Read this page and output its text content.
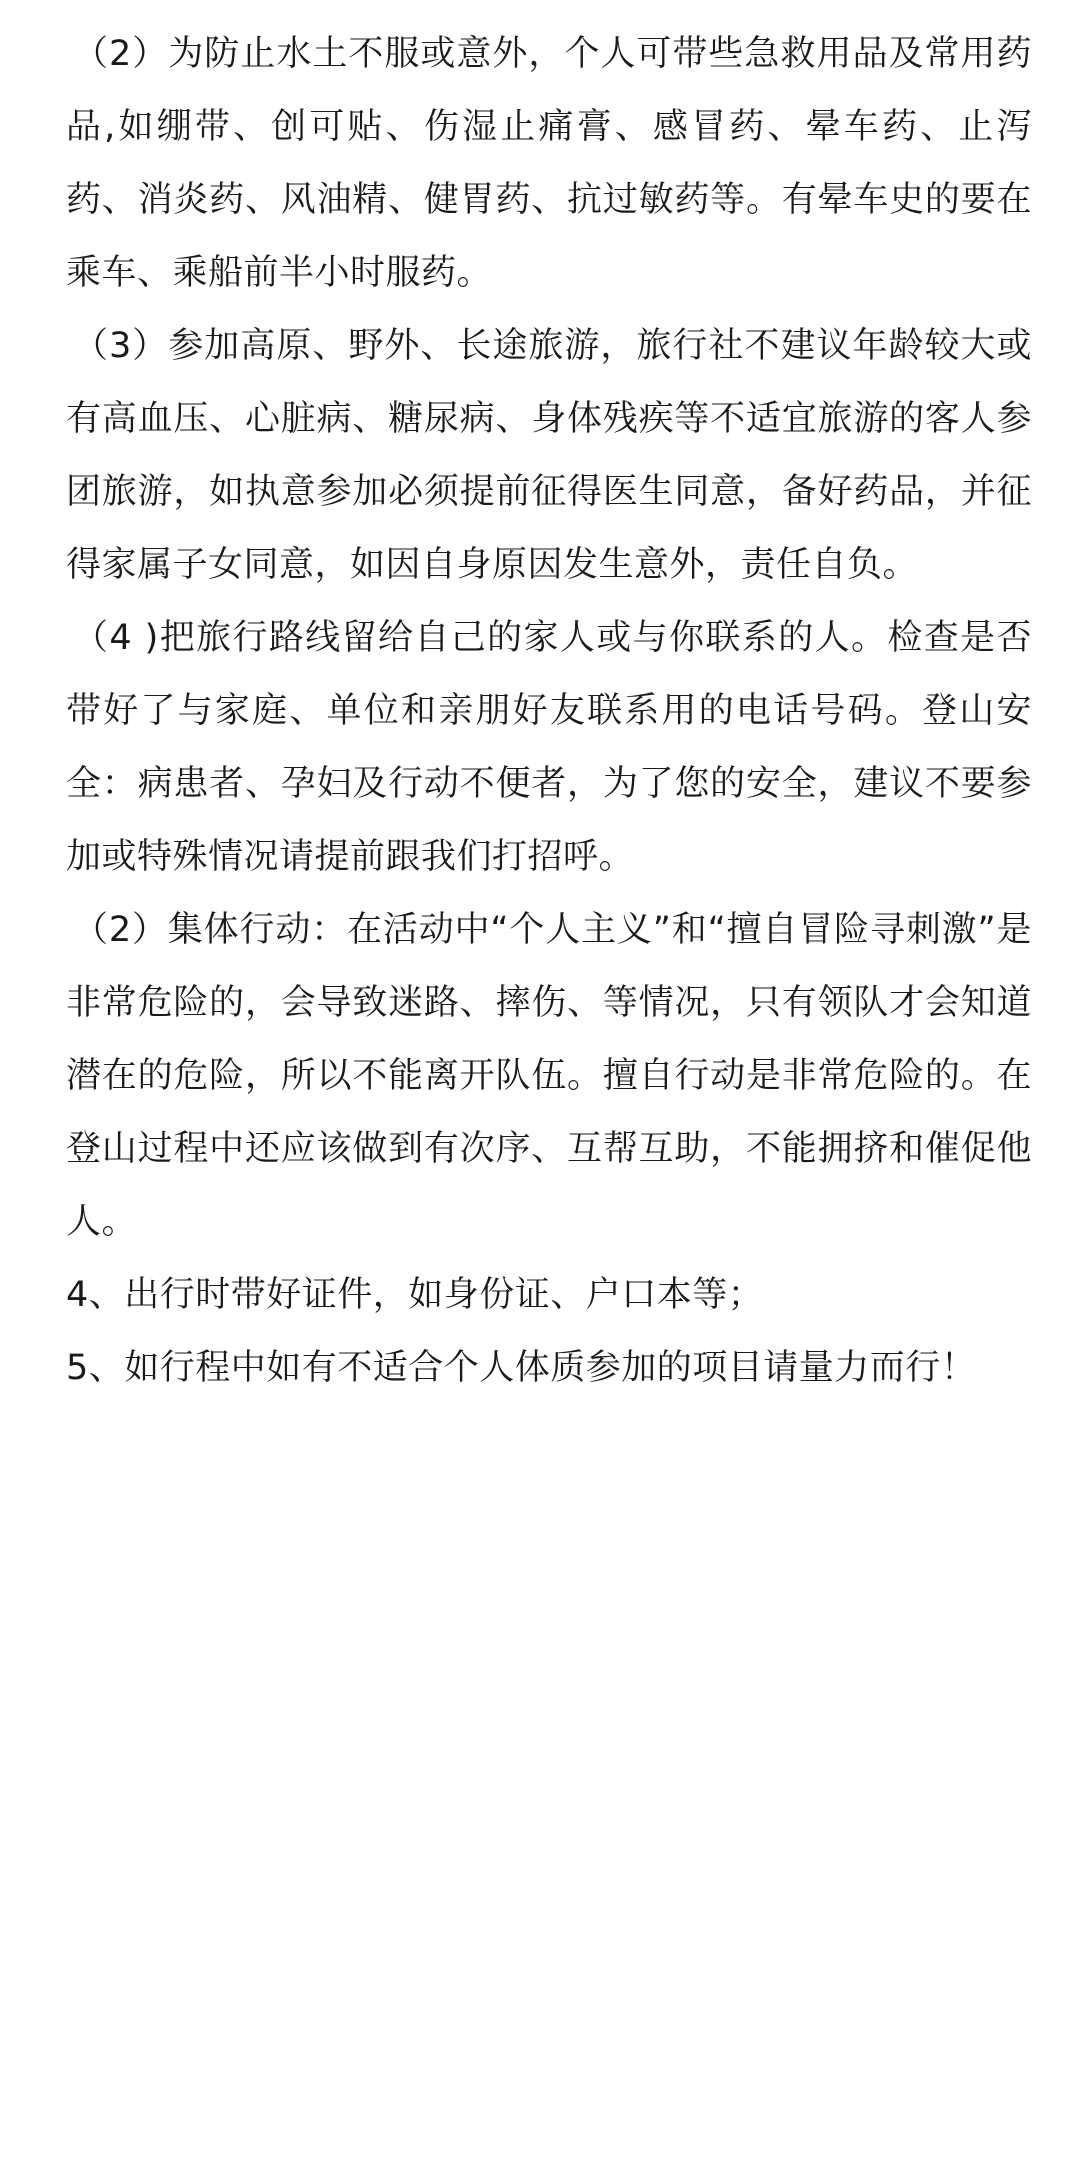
（2）为防止水土不服或意外，个人可带些急救用品及常用药品,如绷带、创可贴、伤湿止痛膏、感冒药、晕车药、止泻药、消炎药、风油精、健胃药、抗过敏药等。有晕车史的要在乘车、乘船前半小时服药。

（3）参加高原、野外、长途旅游，旅行社不建议年龄较大或有高血压、心脏病、糖尿病、身体残疾等不适宜旅游的客人参团旅游，如执意参加必须提前征得医生同意，备好药品，并征得家属子女同意，如因自身原因发生意外，责任自负。

（4 )把旅行路线留给自己的家人或与你联系的人。检查是否带好了与家庭、单位和亲朋好友联系用的电话号码。登山安全：病患者、孕妇及行动不便者，为了您的安全，建议不要参加或特殊情况请提前跟我们打招呼。

（2）集体行动：在活动中“个人主义”和“擅自冒险寻刺激”是非常危险的，会导致迷路、摔伤、等情况，只有领队才会知道潜在的危险，所以不能离开队伍。擅自行动是非常危险的。在登山过程中还应该做到有次序、互帮互助，不能拥挤和催促他人。

4、出行时带好证件，如身份证、户口本等；

5、如行程中如有不适合个人体质参加的项目请量力而行！
